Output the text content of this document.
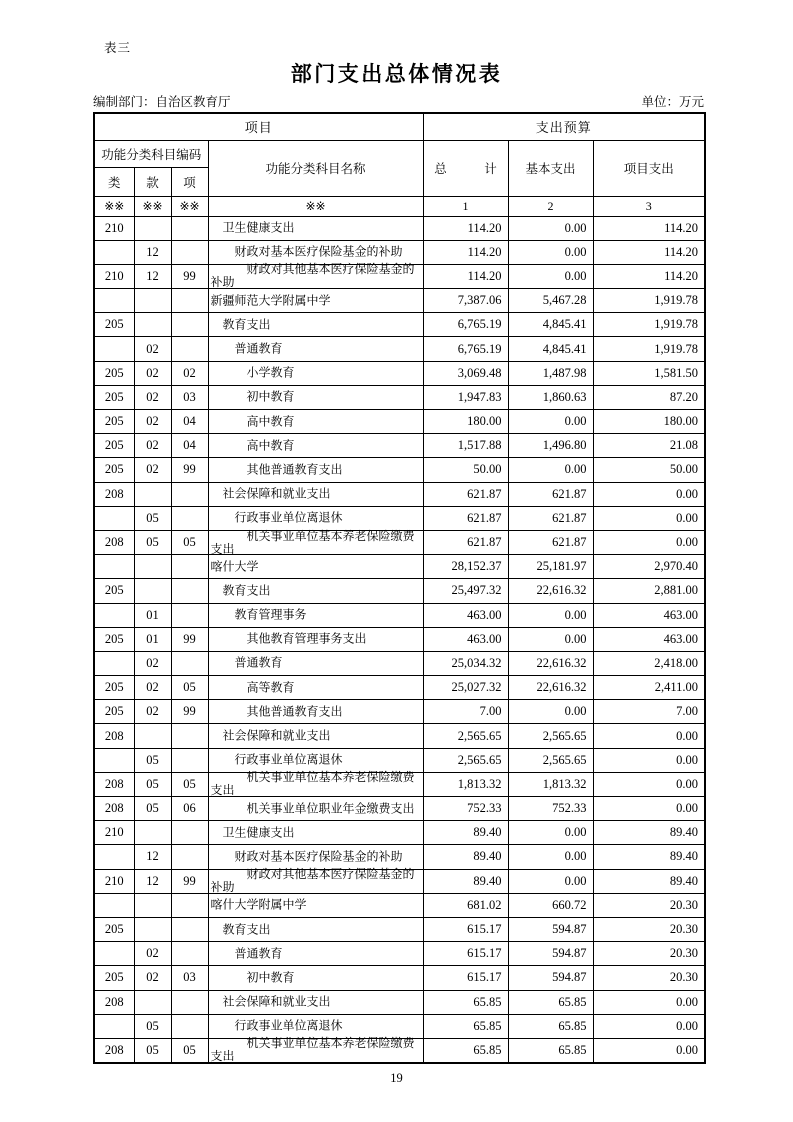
表三
部门支出总体情况表
编制部门：自治区教育厅	单位：万元
项目				支出预算		
功能分类科目编码			功能分类科目名称	总　　　计	基本支出	项目支出
类	款	项				
※※	※※	※※	※※	1	2	3
210			卫生健康支出	114.20	0.00	114.20
	12		财政对基本医疗保险基金的补助	114.20	0.00	114.20
210	12	99	财政对其他基本医疗保险基金的补助	114.20	0.00	114.20

			新疆师范大学附属中学	7,387.06	5,467.28	1,919.78
205			教育支出	6,765.19	4,845.41	1,919.78
	02		普通教育	6,765.19	4,845.41	1,919.78
205	02	02	小学教育	3,069.48	1,487.98	1,581.50
205	02	03	初中教育	1,947.83	1,860.63	87.20
205	02	04	高中教育	180.00	0.00	180.00
205	02	04	高中教育	1,517.88	1,496.80	21.08
205	02	99	其他普通教育支出	50.00	0.00	50.00
208			社会保障和就业支出	621.87	621.87	0.00
	05		行政事业单位离退休	621.87	621.87	0.00
208	05	05	机关事业单位基本养老保险缴费支出	621.87	621.87	0.00

			喀什大学	28,152.37	25,181.97	2,970.40
205			教育支出	25,497.32	22,616.32	2,881.00
	01		教育管理事务	463.00	0.00	463.00
205	01	99	其他教育管理事务支出	463.00	0.00	463.00
	02		普通教育	25,034.32	22,616.32	2,418.00
205	02	05	高等教育	25,027.32	22,616.32	2,411.00
205	02	99	其他普通教育支出	7.00	0.00	7.00
208			社会保障和就业支出	2,565.65	2,565.65	0.00
	05		行政事业单位离退休	2,565.65	2,565.65	0.00
208	05	05	机关事业单位基本养老保险缴费支出	1,813.32	1,813.32	0.00
208	05	06	机关事业单位职业年金缴费支出	752.33	752.33	0.00
210			卫生健康支出	89.40	0.00	89.40
	12		财政对基本医疗保险基金的补助	89.40	0.00	89.40
210	12	99	财政对其他基本医疗保险基金的补助	89.40	0.00	89.40

			喀什大学附属中学	681.02	660.72	20.30
205			教育支出	615.17	594.87	20.30
	02		普通教育	615.17	594.87	20.30
205	02	03	初中教育	615.17	594.87	20.30
208			社会保障和就业支出	65.85	65.85	0.00
	05		行政事业单位离退休	65.85	65.85	0.00
208	05	05	机关事业单位基本养老保险缴费支出	65.85	65.85	0.00
19
